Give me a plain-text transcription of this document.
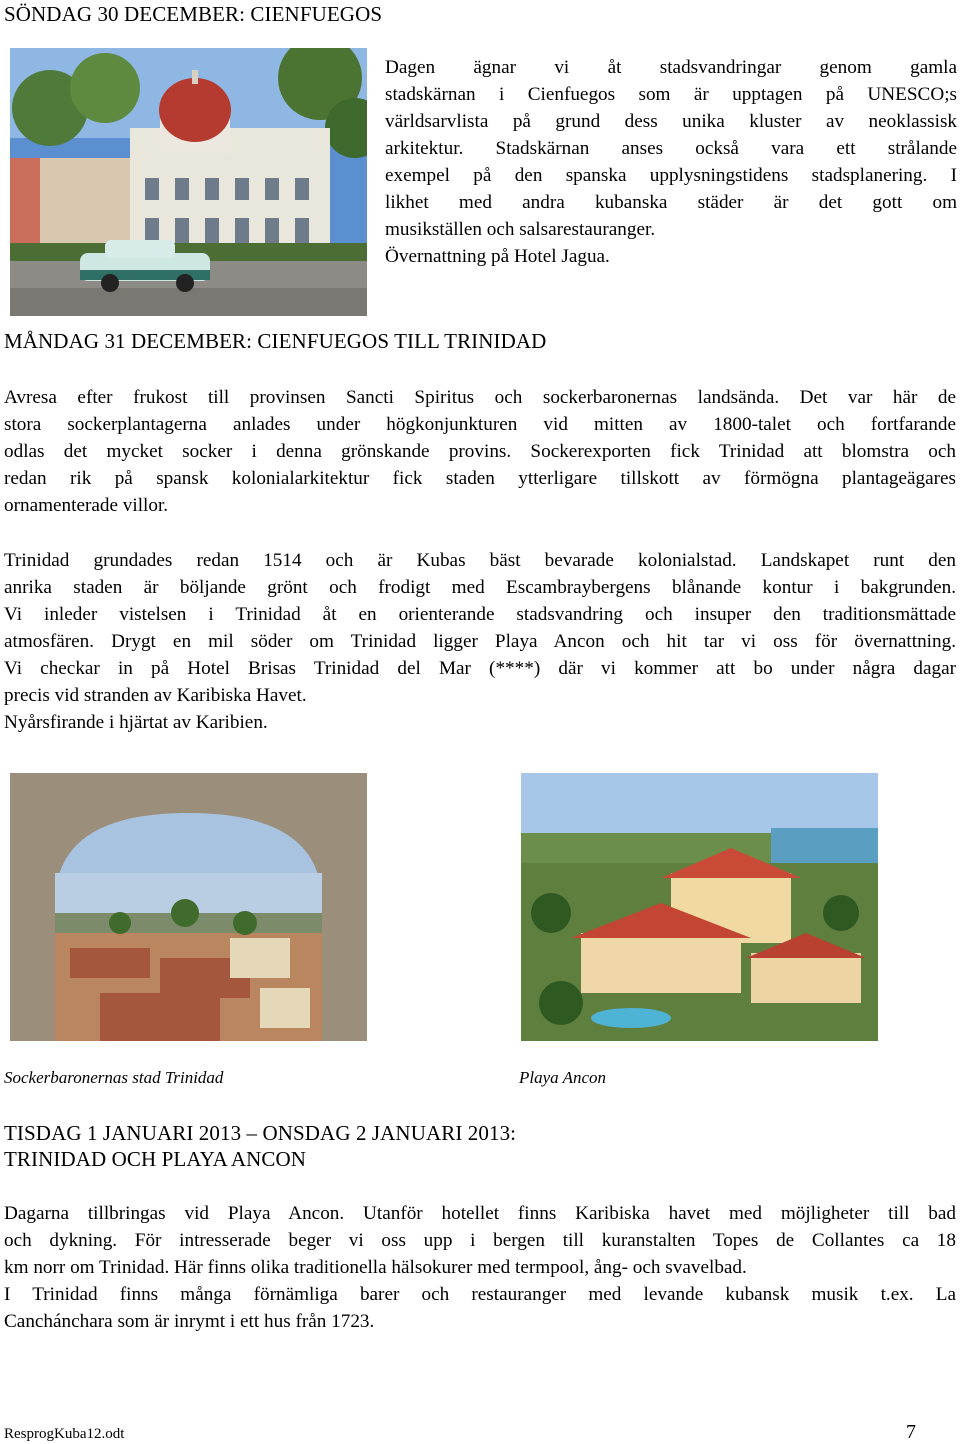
SÖNDAG 30 DECEMBER: CIENFUEGOS

Dagen ägnar vi åt stadsvandringar genom gamla
stadskärnan i Cienfuegos som är upptagen på UNESCO;s
världsarvlista på grund dess unika kluster av neoklassisk
arkitektur. Stadskärnan anses också vara ett strålande
exempel på den spanska upplysningstidens stadsplanering. I
likhet med andra kubanska städer är det gott om
musikställen och salsarestauranger.
Övernattning på Hotel Jagua.

MÅNDAG 31 DECEMBER: CIENFUEGOS TILL TRINIDAD

Avresa efter frukost till provinsen Sancti Spiritus och sockerbaronernas landsända. Det var här de
stora sockerplantagerna anlades under högkonjunkturen vid mitten av 1800-talet och fortfarande
odlas det mycket socker i denna grönskande provins. Sockerexporten fick Trinidad att blomstra och
redan rik på spansk kolonialarkitektur fick staden ytterligare tillskott av förmögna plantageägares
ornamenterade villor.

Trinidad grundades redan 1514 och är Kubas bäst bevarade kolonialstad. Landskapet runt den
anrika staden är böljande grönt och frodigt med Escambraybergens blånande kontur i bakgrunden.
Vi inleder vistelsen i Trinidad åt en orienterande stadsvandring och insuper den traditionsmättade
atmosfären. Drygt en mil söder om Trinidad ligger Playa Ancon och hit tar vi oss för övernattning.
Vi checkar in på Hotel Brisas Trinidad del Mar (****) där vi kommer att bo under några dagar
precis vid stranden av Karibiska Havet.
Nyårsfirande i hjärtat av Karibien.

Sockerbaronernas stad Trinidad	Playa Ancon
TISDAG 1 JANUARI 2013 – ONSDAG 2 JANUARI 2013:
TRINIDAD OCH PLAYA ANCON

Dagarna tillbringas vid Playa Ancon. Utanför hotellet finns Karibiska havet med möjligheter till bad
och dykning. För intresserade beger vi oss upp i bergen till kuranstalten Topes de Collantes ca 18
km norr om Trinidad. Här finns olika traditionella hälsokurer med termpool, ång- och svavelbad.
I Trinidad finns många förnämliga barer och restauranger med levande kubansk musik t.ex. La
Canchánchara som är inrymt i ett hus från 1723.

ResprogKuba12.odt	7
